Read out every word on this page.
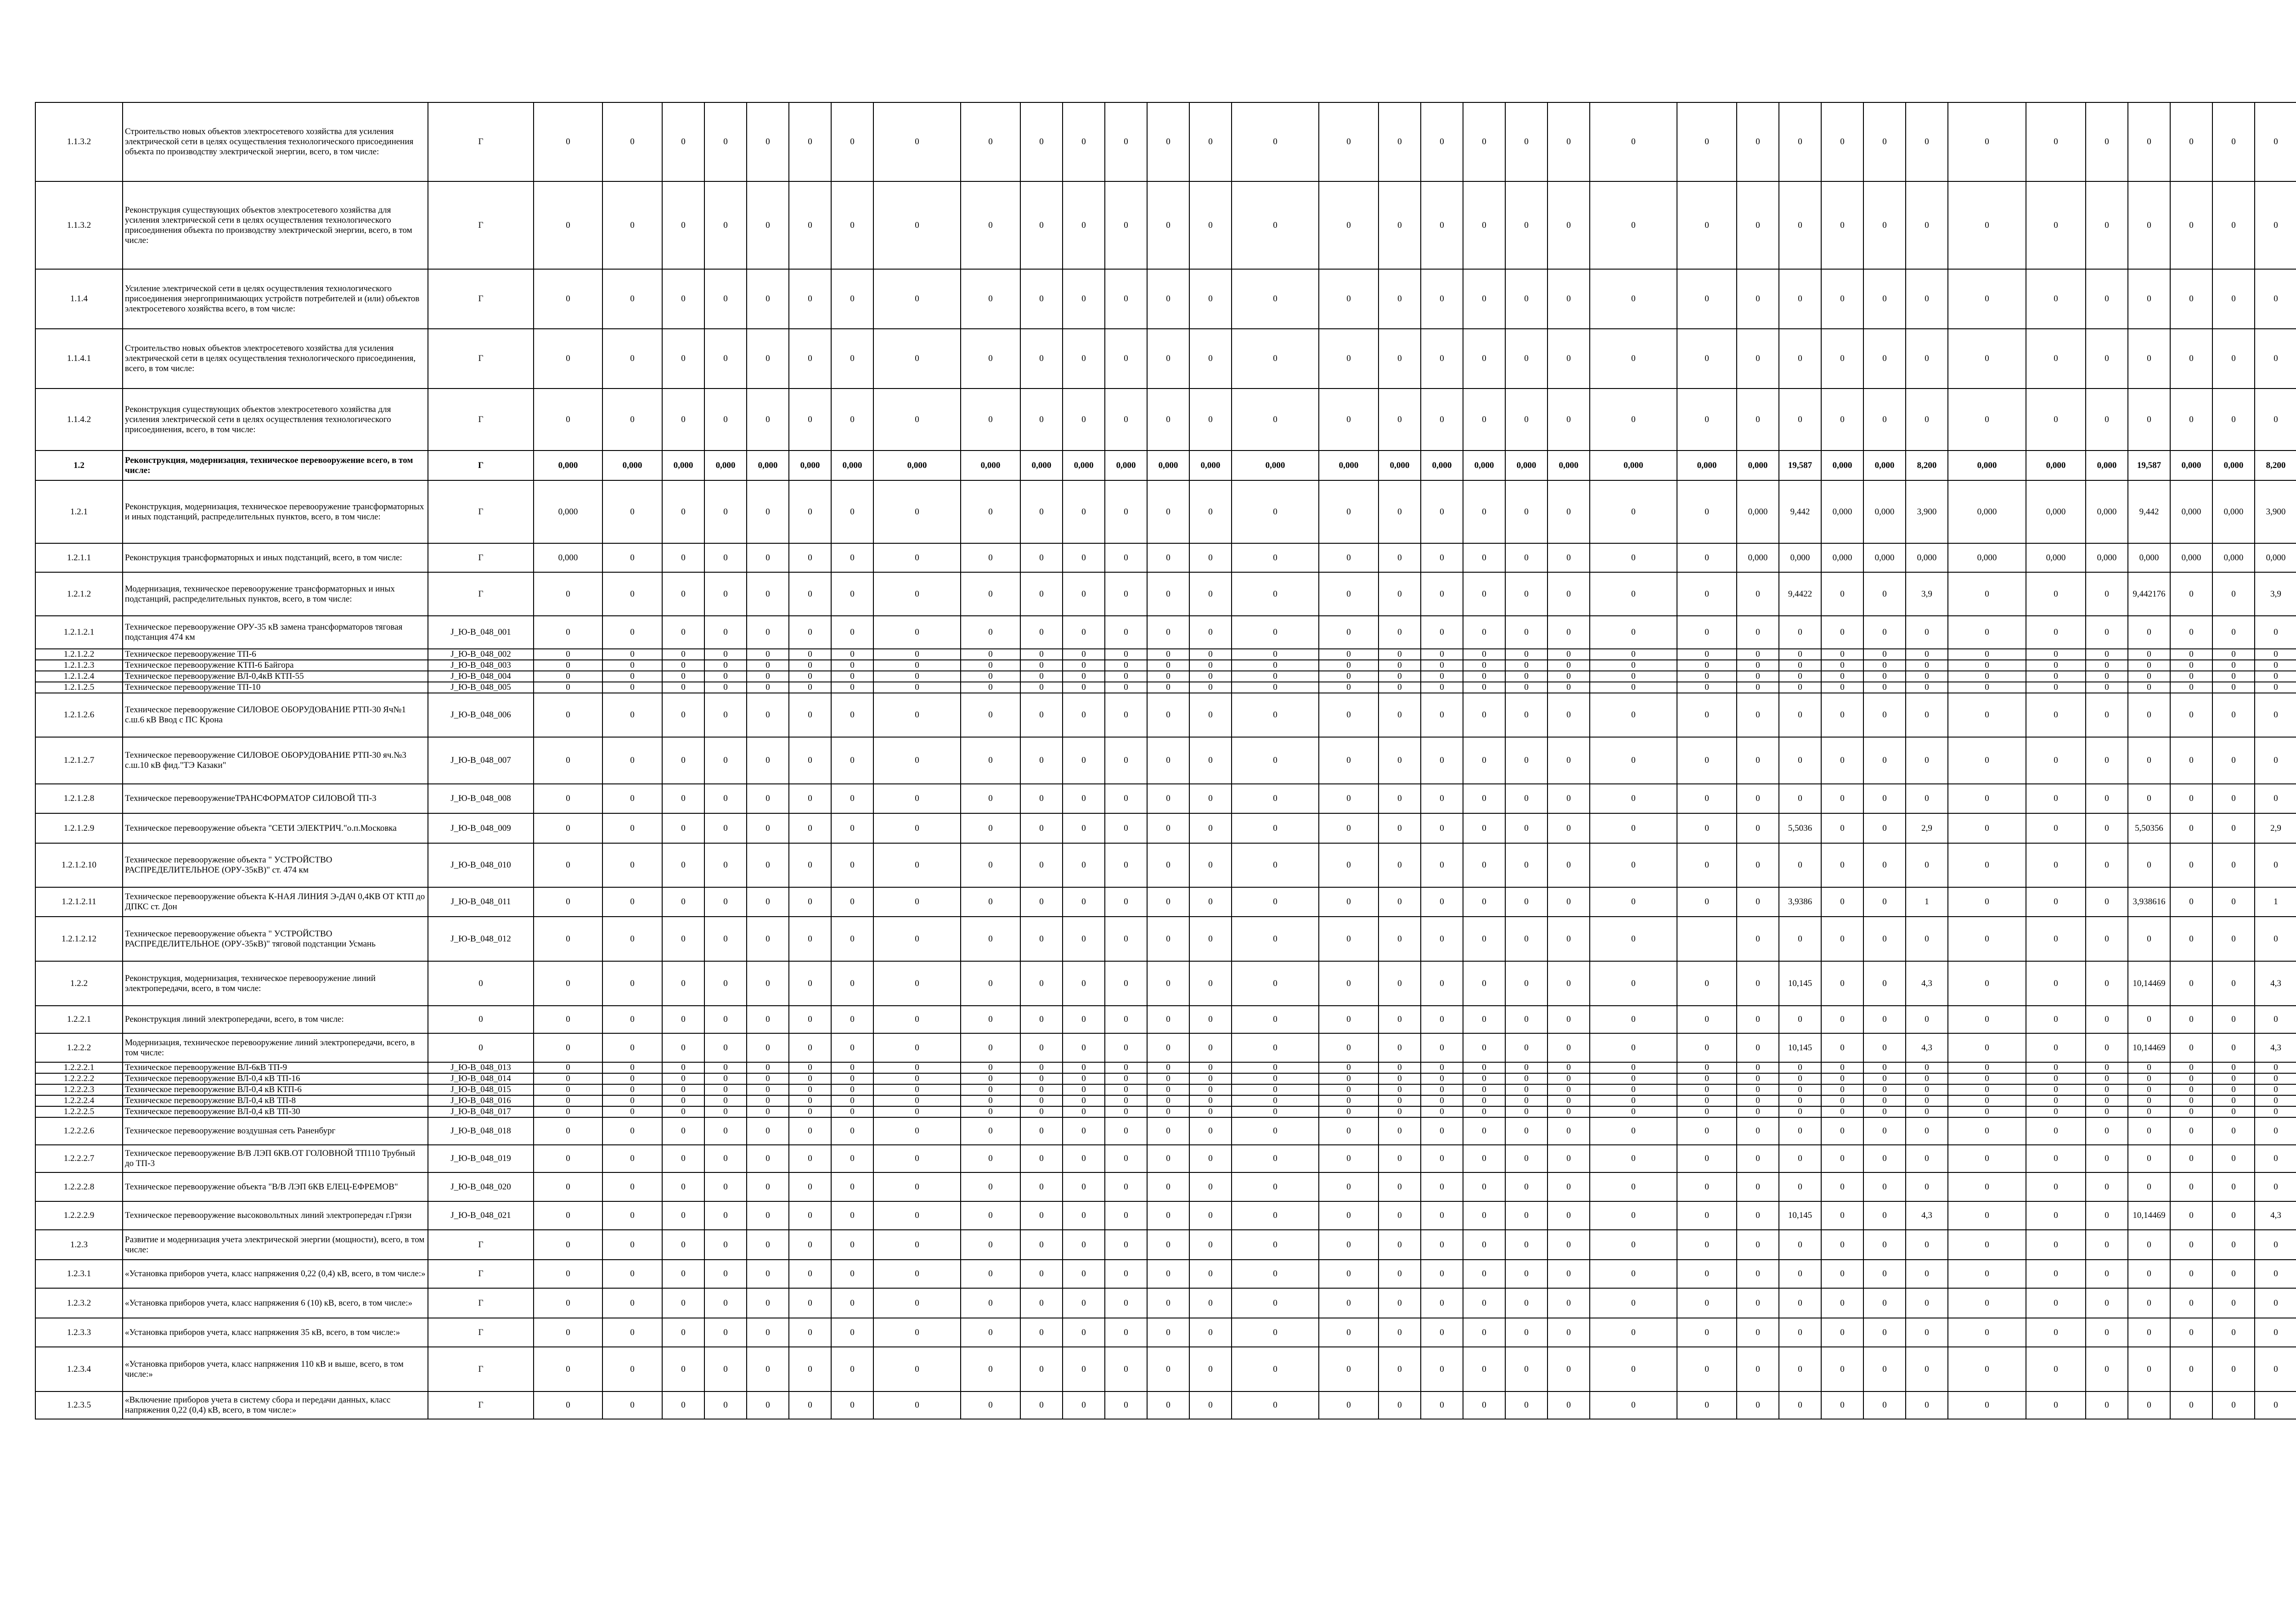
1.1.3.2	Строительство новых объектов электросетевого хозяйства для усиления электрической сети в целях осуществления технологического присоединения объекта по производству электрической энергии, всего, в том числе:	Г	0	0	0	0	0	0	0	0	0	0	0	0	0	0	0	0	0	0	0	0	0	0	0	0	0	0	0	0	0	0	0	0	0	0	0
1.1.3.2	Реконструкция существующих объектов электросетевого хозяйства для усиления электрической сети в целях осуществления технологического присоединения объекта по производству электрической энергии, всего, в том числе:	Г	0	0	0	0	0	0	0	0	0	0	0	0	0	0	0	0	0	0	0	0	0	0	0	0	0	0	0	0	0	0	0	0	0	0	0
1.1.4	Усиление электрической сети в целях осуществления технологического присоединения энергопринимающих устройств потребителей и (или) объектов электросетевого хозяйства всего, в том числе:	Г	0	0	0	0	0	0	0	0	0	0	0	0	0	0	0	0	0	0	0	0	0	0	0	0	0	0	0	0	0	0	0	0	0	0	0
1.1.4.1	Строительство новых объектов электросетевого хозяйства для усиления электрической сети в целях осуществления технологического присоединения, всего, в том числе:	Г	0	0	0	0	0	0	0	0	0	0	0	0	0	0	0	0	0	0	0	0	0	0	0	0	0	0	0	0	0	0	0	0	0	0	0
1.1.4.2	Реконструкция существующих объектов электросетевого хозяйства для усиления электрической сети в целях осуществления технологического присоединения, всего, в том числе:	Г	0	0	0	0	0	0	0	0	0	0	0	0	0	0	0	0	0	0	0	0	0	0	0	0	0	0	0	0	0	0	0	0	0	0	0
1.2	Реконструкция, модернизация, техническое перевооружение всего, в том числе:	Г	0,000	0,000	0,000	0,000	0,000	0,000	0,000	0,000	0,000	0,000	0,000	0,000	0,000	0,000	0,000	0,000	0,000	0,000	0,000	0,000	0,000	0,000	0,000	0,000	19,587	0,000	0,000	8,200	0,000	0,000	0,000	19,587	0,000	0,000	8,200
1.2.1	Реконструкция, модернизация, техническое перевооружение трансформаторных и иных подстанций, распределительных пунктов, всего, в том числе:	Г	0,000	0	0	0	0	0	0	0	0	0	0	0	0	0	0	0	0	0	0	0	0	0	0	0,000	9,442	0,000	0,000	3,900	0,000	0,000	0,000	9,442	0,000	0,000	3,900
1.2.1.1	Реконструкция трансформаторных и иных подстанций, всего, в том числе:	Г	0,000	0	0	0	0	0	0	0	0	0	0	0	0	0	0	0	0	0	0	0	0	0	0	0,000	0,000	0,000	0,000	0,000	0,000	0,000	0,000	0,000	0,000	0,000	0,000
1.2.1.2	Модернизация, техническое перевооружение трансформаторных и иных подстанций, распределительных пунктов, всего, в том числе:	Г	0	0	0	0	0	0	0	0	0	0	0	0	0	0	0	0	0	0	0	0	0	0	0	0	9,4422	0	0	3,9	0	0	0	9,442176	0	0	3,9
1.2.1.2.1	Техническое перевооружение ОРУ-35 кВ замена трансформаторов тяговая подстанция 474 км	J_Ю-В_048_001	0	0	0	0	0	0	0	0	0	0	0	0	0	0	0	0	0	0	0	0	0	0	0	0	0	0	0	0	0	0	0	0	0	0	0
1.2.1.2.2	Техническое перевооружение ТП-6	J_Ю-В_048_002	0	0	0	0	0	0	0	0	0	0	0	0	0	0	0	0	0	0	0	0	0	0	0	0	0	0	0	0	0	0	0	0	0	0	0
1.2.1.2.3	Техническое перевооружение КТП-6 Байгора	J_Ю-В_048_003	0	0	0	0	0	0	0	0	0	0	0	0	0	0	0	0	0	0	0	0	0	0	0	0	0	0	0	0	0	0	0	0	0	0	0
1.2.1.2.4	Техническое перевооружение ВЛ-0,4кВ КТП-55	J_Ю-В_048_004	0	0	0	0	0	0	0	0	0	0	0	0	0	0	0	0	0	0	0	0	0	0	0	0	0	0	0	0	0	0	0	0	0	0	0
1.2.1.2.5	Техническое перевооружение ТП-10	J_Ю-В_048_005	0	0	0	0	0	0	0	0	0	0	0	0	0	0	0	0	0	0	0	0	0	0	0	0	0	0	0	0	0	0	0	0	0	0	0
1.2.1.2.6	Техническое перевооружение СИЛОВОЕ ОБОРУДОВАНИЕ РТП-30 Яч№1 с.ш.6 кВ Ввод с ПС Крона	J_Ю-В_048_006	0	0	0	0	0	0	0	0	0	0	0	0	0	0	0	0	0	0	0	0	0	0	0	0	0	0	0	0	0	0	0	0	0	0	0
1.2.1.2.7	Техническое перевооружение СИЛОВОЕ ОБОРУДОВАНИЕ РТП-30 яч.№3 с.ш.10 кВ фид."ТЭ Казаки"	J_Ю-В_048_007	0	0	0	0	0	0	0	0	0	0	0	0	0	0	0	0	0	0	0	0	0	0	0	0	0	0	0	0	0	0	0	0	0	0	0
1.2.1.2.8	Техническое перевооружениеТРАНСФОРМАТОР СИЛОВОЙ ТП-3	J_Ю-В_048_008	0	0	0	0	0	0	0	0	0	0	0	0	0	0	0	0	0	0	0	0	0	0	0	0	0	0	0	0	0	0	0	0	0	0	0
1.2.1.2.9	Техническое перевооружение объекта "СЕТИ ЭЛЕКТРИЧ."о.п.Московка	J_Ю-В_048_009	0	0	0	0	0	0	0	0	0	0	0	0	0	0	0	0	0	0	0	0	0	0	0	0	5,5036	0	0	2,9	0	0	0	5,50356	0	0	2,9
1.2.1.2.10	Техническое перевооружение объекта " УСТРОЙСТВО РАСПРЕДЕЛИТЕЛЬНОЕ (ОРУ-35кВ)" ст. 474 км	J_Ю-В_048_010	0	0	0	0	0	0	0	0	0	0	0	0	0	0	0	0	0	0	0	0	0	0	0	0	0	0	0	0	0	0	0	0	0	0	0
1.2.1.2.11	Техническое перевооружение объекта К-НАЯ ЛИНИЯ Э-ДАЧ 0,4КВ ОТ КТП до ДПКС ст. Дон	J_Ю-В_048_011	0	0	0	0	0	0	0	0	0	0	0	0	0	0	0	0	0	0	0	0	0	0	0	0	3,9386	0	0	1	0	0	0	3,938616	0	0	1
1.2.1.2.12	Техническое перевооружение объекта " УСТРОЙСТВО РАСПРЕДЕЛИТЕЛЬНОЕ (ОРУ-35кВ)" тяговой подстанции Усмань	J_Ю-В_048_012	0	0	0	0	0	0	0	0	0	0	0	0	0	0	0	0	0	0	0	0	0	0		0	0	0	0	0	0	0	0	0	0	0	0
1.2.2	Реконструкция, модернизация, техническое перевооружение линий электропередачи, всего, в том числе:	0	0	0	0	0	0	0	0	0	0	0	0	0	0	0	0	0	0	0	0	0	0	0	0	0	10,145	0	0	4,3	0	0	0	10,14469	0	0	4,3
1.2.2.1	Реконструкция линий электропередачи, всего, в том числе:	0	0	0	0	0	0	0	0	0	0	0	0	0	0	0	0	0	0	0	0	0	0	0	0	0	0	0	0	0	0	0	0	0	0	0	0
1.2.2.2	Модернизация, техническое перевооружение линий электропередачи, всего, в том числе:	0	0	0	0	0	0	0	0	0	0	0	0	0	0	0	0	0	0	0	0	0	0	0	0	0	10,145	0	0	4,3	0	0	0	10,14469	0	0	4,3
1.2.2.2.1	Техническое перевооружение ВЛ-6кВ ТП-9	J_Ю-В_048_013	0	0	0	0	0	0	0	0	0	0	0	0	0	0	0	0	0	0	0	0	0	0	0	0	0	0	0	0	0	0	0	0	0	0	0
1.2.2.2.2	Техническое перевооружение ВЛ-0,4 кВ ТП-16	J_Ю-В_048_014	0	0	0	0	0	0	0	0	0	0	0	0	0	0	0	0	0	0	0	0	0	0	0	0	0	0	0	0	0	0	0	0	0	0	0
1.2.2.2.3	Техническое перевооружение ВЛ-0,4 кВ КТП-6	J_Ю-В_048_015	0	0	0	0	0	0	0	0	0	0	0	0	0	0	0	0	0	0	0	0	0	0	0	0	0	0	0	0	0	0	0	0	0	0	0
1.2.2.2.4	Техническое перевооружение ВЛ-0,4 кВ ТП-8	J_Ю-В_048_016	0	0	0	0	0	0	0	0	0	0	0	0	0	0	0	0	0	0	0	0	0	0	0	0	0	0	0	0	0	0	0	0	0	0	0
1.2.2.2.5	Техническое перевооружение ВЛ-0,4 кВ ТП-30	J_Ю-В_048_017	0	0	0	0	0	0	0	0	0	0	0	0	0	0	0	0	0	0	0	0	0	0	0	0	0	0	0	0	0	0	0	0	0	0	0
1.2.2.2.6	Техническое перевооружение воздушная сеть Раненбург	J_Ю-В_048_018	0	0	0	0	0	0	0	0	0	0	0	0	0	0	0	0	0	0	0	0	0	0	0	0	0	0	0	0	0	0	0	0	0	0	0
1.2.2.2.7	Техническое перевооружение В/В ЛЭП 6КВ.ОТ ГОЛОВНОЙ ТП110 Трубный до ТП-3	J_Ю-В_048_019	0	0	0	0	0	0	0	0	0	0	0	0	0	0	0	0	0	0	0	0	0	0	0	0	0	0	0	0	0	0	0	0	0	0	0
1.2.2.2.8	Техническое перевооружение объекта "В/В ЛЭП 6КВ ЕЛЕЦ-ЕФРЕМОВ"	J_Ю-В_048_020	0	0	0	0	0	0	0	0	0	0	0	0	0	0	0	0	0	0	0	0	0	0	0	0	0	0	0	0	0	0	0	0	0	0	0
1.2.2.2.9	Техническое перевооружение высоковольтных линий электропередач г.Грязи	J_Ю-В_048_021	0	0	0	0	0	0	0	0	0	0	0	0	0	0	0	0	0	0	0	0	0	0	0	0	10,145	0	0	4,3	0	0	0	10,14469	0	0	4,3
1.2.3	Развитие и модернизация учета электрической энергии (мощности), всего, в том числе:	Г	0	0	0	0	0	0	0	0	0	0	0	0	0	0	0	0	0	0	0	0	0	0	0	0	0	0	0	0	0	0	0	0	0	0	0
1.2.3.1	«Установка приборов учета, класс напряжения 0,22 (0,4) кВ, всего, в том числе:»	Г	0	0	0	0	0	0	0	0	0	0	0	0	0	0	0	0	0	0	0	0	0	0	0	0	0	0	0	0	0	0	0	0	0	0	0
1.2.3.2	«Установка приборов учета, класс напряжения 6 (10) кВ, всего, в том числе:»	Г	0	0	0	0	0	0	0	0	0	0	0	0	0	0	0	0	0	0	0	0	0	0	0	0	0	0	0	0	0	0	0	0	0	0	0
1.2.3.3	«Установка приборов учета, класс напряжения 35 кВ, всего, в том числе:»	Г	0	0	0	0	0	0	0	0	0	0	0	0	0	0	0	0	0	0	0	0	0	0	0	0	0	0	0	0	0	0	0	0	0	0	0
1.2.3.4	«Установка приборов учета, класс напряжения 110 кВ и выше, всего, в том числе:»	Г	0	0	0	0	0	0	0	0	0	0	0	0	0	0	0	0	0	0	0	0	0	0	0	0	0	0	0	0	0	0	0	0	0	0	0
1.2.3.5	«Включение приборов учета в систему сбора и передачи данных, класс напряжения 0,22 (0,4) кВ, всего, в том числе:»	Г	0	0	0	0	0	0	0	0	0	0	0	0	0	0	0	0	0	0	0	0	0	0	0	0	0	0	0	0	0	0	0	0	0	0	0
